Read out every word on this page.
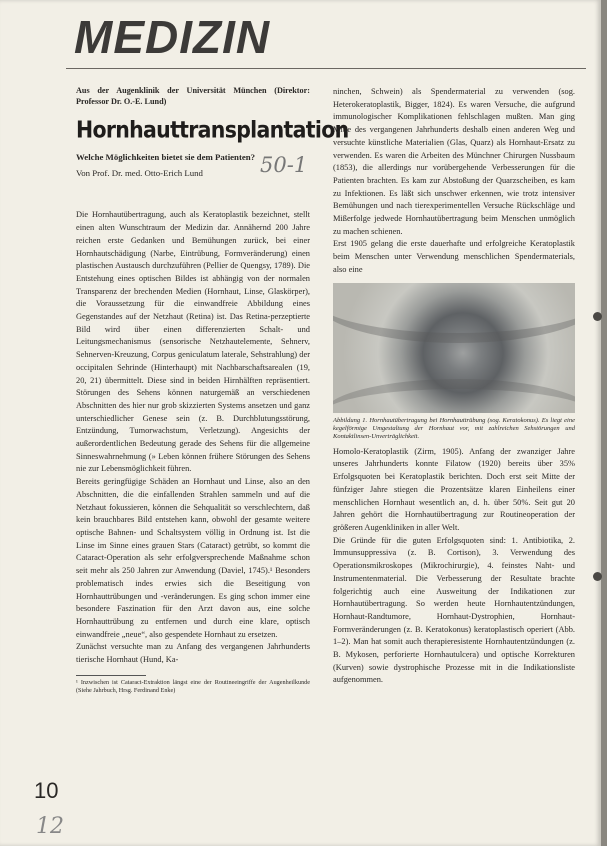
MEDIZIN
Aus der Augenklinik der Universität München (Direktor: Professor Dr. O.-E. Lund)
Hornhauttransplantation
Welche Möglichkeiten bietet sie dem Patienten?
Von Prof. Dr. med. Otto-Erich Lund	50-1

Die Hornhautübertragung, auch als Keratoplastik bezeichnet, stellt einen alten Wunschtraum der Medizin dar. Annähernd 200 Jahre reichen erste Gedanken und Bemühungen zurück, bei einer Hornhautschädigung (Narbe, Eintrübung, Formveränderung) einen plastischen Austausch durchzuführen (Pellier de Quengsy, 1789). Die Entstehung eines optischen Bildes ist abhängig von der normalen Transparenz der brechenden Medien (Hornhaut, Linse, Glaskörper), die Voraussetzung für die einwandfreie Abbildung eines Gegenstandes auf der Netzhaut (Retina) ist. Das Retina-perzeptierte Bild wird über einen differenzierten Schalt- und Leitungsmechanismus (sensorische Netzhautelemente, Sehnerv, Sehnerven-Kreuzung, Corpus geniculatum laterale, Sehstrahlung) der occipitalen Sehrinde (Hinterhaupt) mit Nachbarschaftsarealen (19, 20, 21) übermittelt. Diese sind in beiden Hirnhälften repräsentiert. Störungen des Sehens können naturgemäß an verschiedenen Abschnitten des hier nur grob skizzierten Systems ansetzen und ganz unterschiedlicher Genese sein (z. B. Durchblutungsstörung, Entzündung, Tumorwachstum, Verletzung). Angesichts der außerordentlichen Bedeutung gerade des Sehens für die allgemeine Sinneswahrnehmung (» Leben können frühere Störungen des Sehens nie zur Lebensmöglichkeit führen.

Bereits geringfügige Schäden an Hornhaut und Linse, also an den Abschnitten, die die einfallenden Strahlen sammeln und auf die Netzhaut fokussieren, können die Sehqualität so verschlechtern, daß kein brauchbares Bild entstehen kann, obwohl der gesamte weitere optische Bahnen- und Schaltsystem völlig in Ordnung ist. Ist die Linse im Sinne eines grauen Stars (Cataract) getrübt, so kommt die Cataract-Operation als sehr erfolgversprechende Maßnahme schon seit mehr als 250 Jahren zur Anwendung (Daviel, 1745).¹ Besonders problematisch indes erwies sich die Beseitigung von Hornhauttrübungen und -veränderungen. Es ging schon immer eine besondere Faszination für den Arzt davon aus, eine solche Hornhauttrübung zu entfernen und durch eine klare, optisch einwandfreie „neue“, also gespendete Hornhaut zu ersetzen.

Zunächst versuchte man zu Anfang des vergangenen Jahrhunderts tierische Hornhaut (Hund, Ka-

¹ Inzwischen ist Cataract-Extraktion längst eine der Routineeingriffe der Augenheilkunde (Siehe Jahrbuch, Hrsg. Ferdinand Enke)

ninchen, Schwein) als Spendermaterial zu verwenden (sog. Heterokeratoplastik, Bigger, 1824). Es waren Versuche, die aufgrund immunologischer Komplikationen fehlschlagen mußten. Man ging Mitte des vergangenen Jahrhunderts deshalb einen anderen Weg und versuchte künstliche Materialien (Glas, Quarz) als Hornhaut-Ersatz zu verwenden. Es waren die Arbeiten des Münchner Chirurgen Nussbaum (1853), die allerdings nur vorübergehende Verbesserungen für die Patienten brachten. Es kam zur Abstoßung der Quarzscheiben, es kam zu Infektionen. Es läßt sich unschwer erkennen, wie trotz intensiver Bemühungen und nach tierexperimentellen Versuche Rückschläge und Mißerfolge jedwede Hornhautübertragung beim Menschen unmöglich zu machen schienen.

Erst 1905 gelang die erste dauerhafte und erfolgreiche Keratoplastik beim Menschen unter Verwendung menschlichen Spendermaterials, also eine

Abbildung 1. Hornhautübertragung bei Hornhauttrübung (sog. Keratokonus). Es liegt eine kegelförmige Umgestaltung der Hornhaut vor, mit zahlreichen Sehstörungen und Kontaktlinsen-Unverträglichkeit.

Homolo-Keratoplastik (Zirm, 1905). Anfang der zwanziger Jahre unseres Jahrhunderts konnte Filatow (1920) bereits über 35% Erfolgsquoten bei Keratoplastik berichten. Doch erst seit Mitte der fünfziger Jahre stiegen die Prozentsätze klaren Einheilens einer menschlichen Hornhaut wesentlich an, d. h. über 50%. Seit gut 20 Jahren gehört die Hornhautübertragung zur Routineoperation der größeren Augenkliniken in aller Welt.

Die Gründe für die guten Erfolgsquoten sind: 1. Antibiotika, 2. Immunsuppressiva (z. B. Cortison), 3. Verwendung des Operationsmikroskopes (Mikrochirurgie), 4. feinstes Naht- und Instrumentenmaterial. Die Verbesserung der Resultate brachte folgerichtig auch eine Ausweitung der Indikationen zur Hornhautübertragung. So werden heute Hornhautentzündungen, Hornhaut-Randtumore, Hornhaut-Dystrophien, Hornhaut-Formveränderungen (z. B. Keratokonus) keratoplastisch operiert (Abb. 1–2). Man hat somit auch therapieresistente Hornhautentzündungen (z. B. Mykosen, perforierte Hornhautulcera) und optische Korrekturen (Kurven) sowie dystrophische Prozesse mit in die Indikationsliste aufgenommen.

10
12
